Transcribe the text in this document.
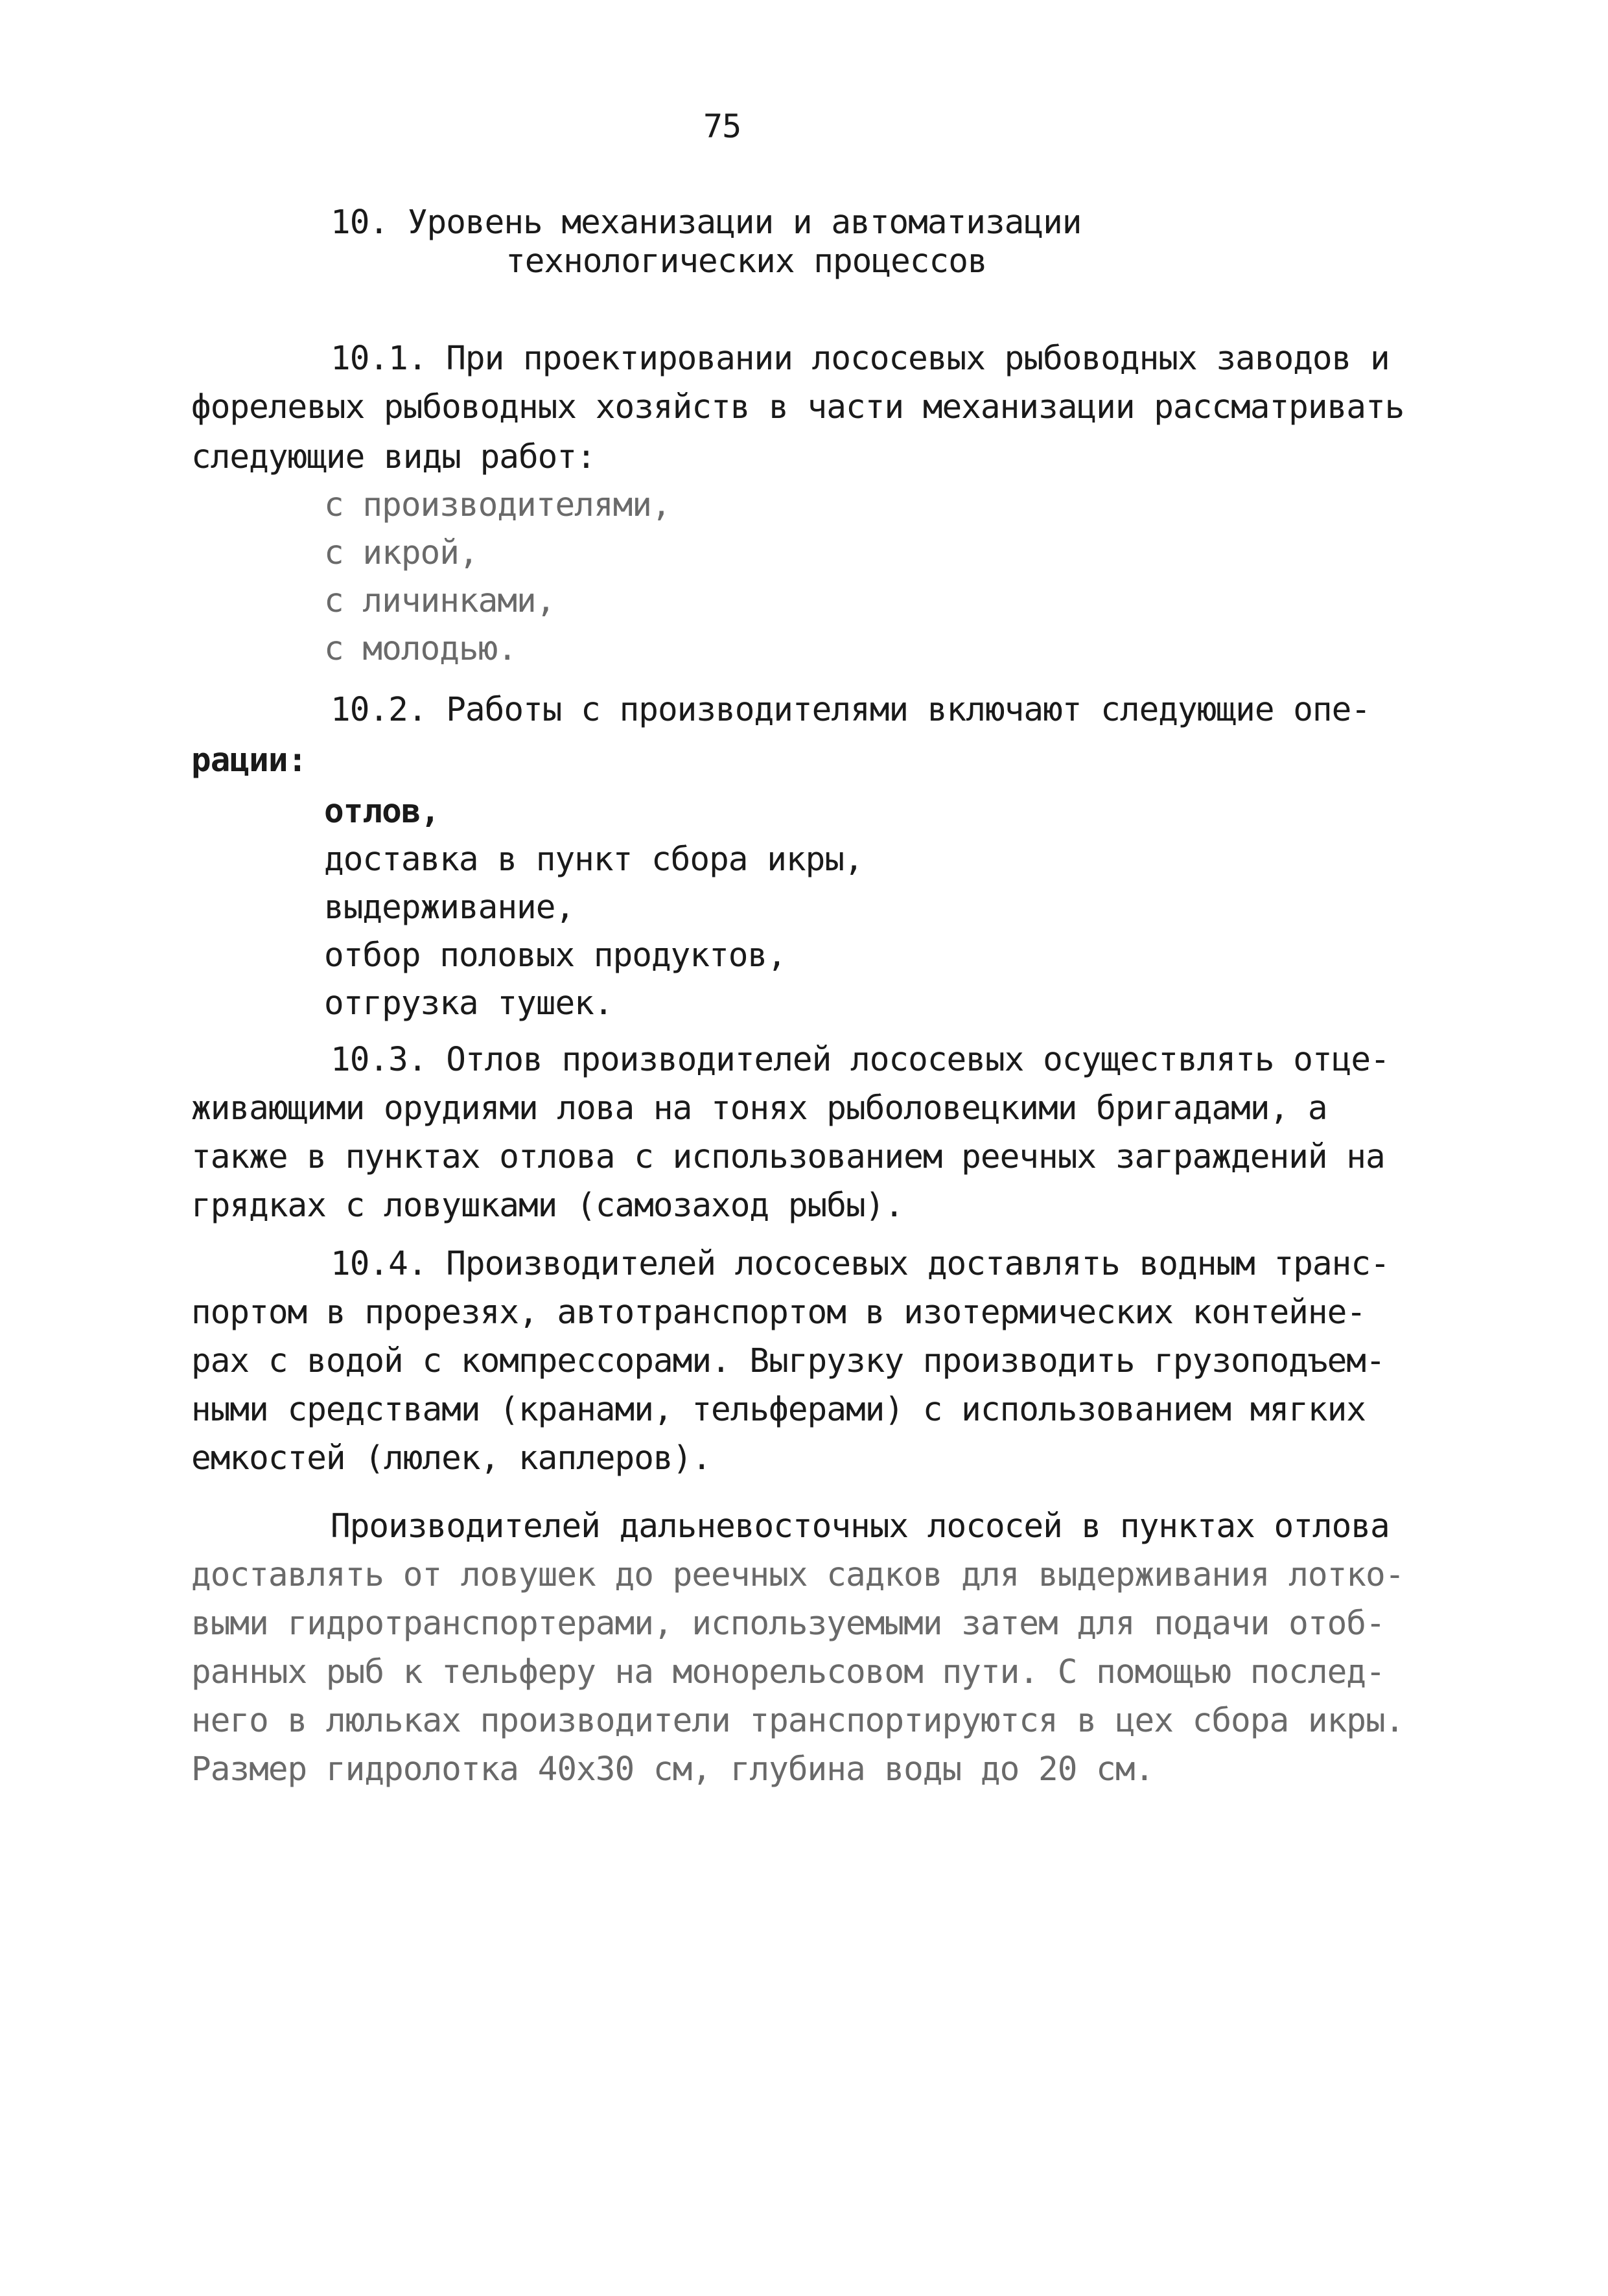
75
10. Уровень механизации и автоматизации
технологических процессов
10.1. При проектировании лососевых рыбоводных заводов и
форелевых рыбоводных хозяйств в части механизации рассматривать
следующие виды работ:
с производителями,
с икрой,
с личинками,
с молодью.
10.2. Работы с производителями включают следующие опе-
рации:
отлов,
доставка в пункт сбора икры,
выдерживание,
отбор половых продуктов,
отгрузка тушек.
10.3. Отлов производителей лососевых осуществлять отце-
живающими орудиями лова на тонях рыболовецкими бригадами, а
также в пунктах отлова с использованием реечных заграждений на
грядках с ловушками (самозаход рыбы).
10.4. Производителей лососевых доставлять водным транс-
портом в прорезях, автотранспортом в изотермических контейне-
рах с водой с компрессорами. Выгрузку производить грузоподъем-
ными средствами (кранами, тельферами) с использованием мягких
емкостей (люлек, каплеров).
Производителей дальневосточных лососей в пунктах отлова
доставлять от ловушек до реечных садков для выдерживания лотко-
выми гидротранспортерами, используемыми затем для подачи отоб-
ранных рыб к тельферу на монорельсовом пути. С помощью послед-
него в люльках производители транспортируются в цех сбора икры.
Размер гидролотка 40х30 см, глубина воды до 20 см.
